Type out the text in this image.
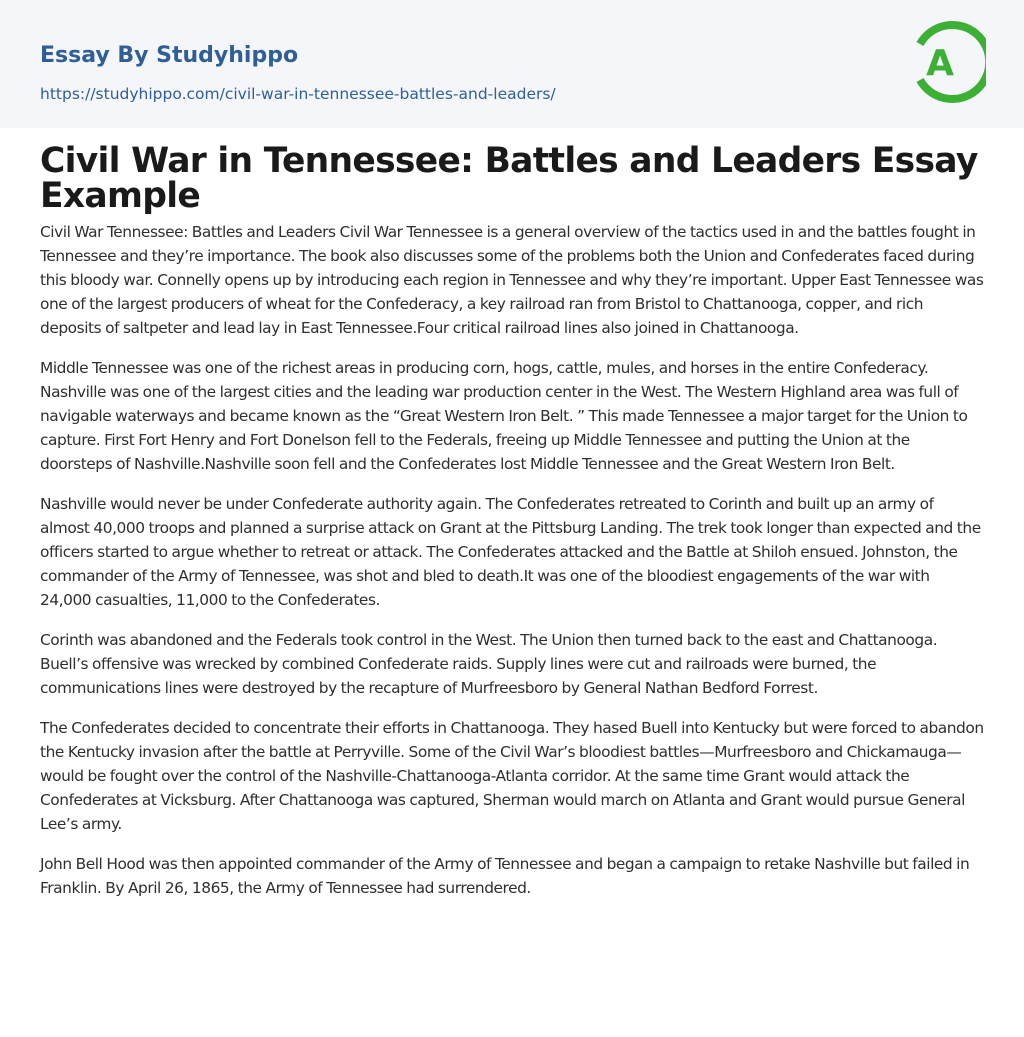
Essay By Studyhippo
https://studyhippo.com/civil-war-in-tennessee-battles-and-leaders/
A
Civil War in Tennessee: Battles and Leaders Essay Example

Civil War Tennessee: Battles and Leaders Civil War Tennessee is a general overview of the tactics used in and the battles fought in Tennessee and they’re importance. The book also discusses some of the problems both the Union and Confederates faced during this bloody war. Connelly opens up by introducing each region in Tennessee and why they’re important. Upper East Tennessee was one of the largest producers of wheat for the Confederacy, a key railroad ran from Bristol to Chattanooga, copper, and rich deposits of saltpeter and lead lay in East Tennessee.Four critical railroad lines also joined in Chattanooga.

Middle Tennessee was one of the richest areas in producing corn, hogs, cattle, mules, and horses in the entire Confederacy. Nashville was one of the largest cities and the leading war production center in the West. The Western Highland area was full of navigable waterways and became known as the “Great Western Iron Belt. ” This made Tennessee a major target for the Union to capture. First Fort Henry and Fort Donelson fell to the Federals, freeing up Middle Tennessee and putting the Union at the doorsteps of Nashville.Nashville soon fell and the Confederates lost Middle Tennessee and the Great Western Iron Belt.

Nashville would never be under Confederate authority again. The Confederates retreated to Corinth and built up an army of almost 40,000 troops and planned a surprise attack on Grant at the Pittsburg Landing. The trek took longer than expected and the officers started to argue whether to retreat or attack. The Confederates attacked and the Battle at Shiloh ensued. Johnston, the commander of the Army of Tennessee, was shot and bled to death.It was one of the bloodiest engagements of the war with 24,000 casualties, 11,000 to the Confederates.

Corinth was abandoned and the Federals took control in the West. The Union then turned back to the east and Chattanooga. Buell’s offensive was wrecked by combined Confederate raids. Supply lines were cut and railroads were burned, the communications lines were destroyed by the recapture of Murfreesboro by General Nathan Bedford Forrest.

The Confederates decided to concentrate their efforts in Chattanooga. They hased Buell into Kentucky but were forced to abandon the Kentucky invasion after the battle at Perryville. Some of the Civil War’s bloodiest battles—Murfreesboro and Chickamauga—would be fought over the control of the Nashville-Chattanooga-Atlanta corridor. At the same time Grant would attack the Confederates at Vicksburg. After Chattanooga was captured, Sherman would march on Atlanta and Grant would pursue General Lee’s army.

John Bell Hood was then appointed commander of the Army of Tennessee and began a campaign to retake Nashville but failed in Franklin. By April 26, 1865, the Army of Tennessee had surrendered.
